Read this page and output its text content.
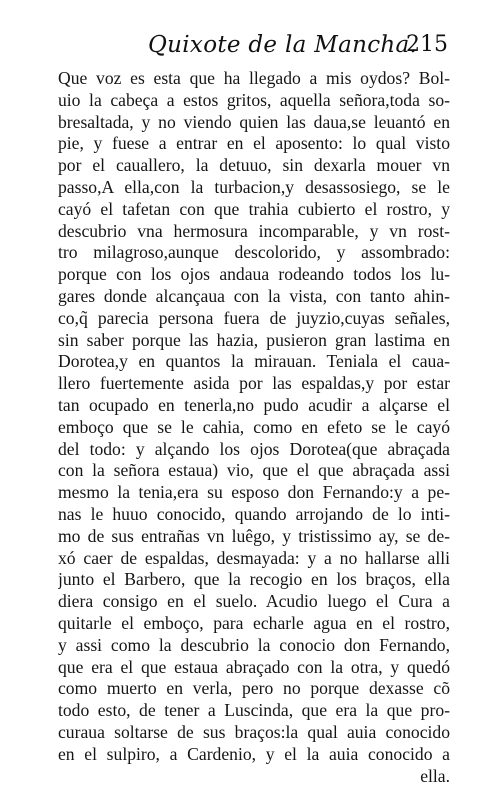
Quixote de la Mancha.
215
Que voz es esta que ha llegado a mis oydos? Bol-
uio la cabeça a estos gritos, aquella señora,toda so-
bresaltada, y no viendo quien las daua,se leuantó en
pie, y fuese a entrar en el aposento: lo qual visto
por el cauallero, la detuuo, sin dexarla mouer vn
passo,A ella,con la turbacion,y desassosiego, se le
cayó el tafetan con que trahia cubierto el rostro, y
descubrio vna hermosura incomparable, y vn rost-
tro milagroso,aunque descolorido, y assombrado:
porque con los ojos andaua rodeando todos los lu-
gares donde alcançaua con la vista, con tanto ahin-
co,q̃ parecia persona fuera de juyzio,cuyas señales,
sin saber porque las hazia, pusieron gran lastima en
Dorotea,y en quantos la mirauan. Teniala el caua-
llero fuertemente asida por las espaldas,y por estar
tan ocupado en tenerla,no pudo acudir a alçarse el
emboço que se le cahia, como en efeto se le cayó
del todo: y alçando los ojos Dorotea(que abraçada
con la señora estaua) vio, que el que abraçada assi
mesmo la tenia,era su esposo don Fernando:y a pe-
nas le huuo conocido, quando arrojando de lo inti-
mo de sus entrañas vn luêgo, y tristissimo ay, se de-
xó caer de espaldas, desmayada: y a no hallarse alli
junto el Barbero, que la recogio en los braços, ella
diera consigo en el suelo. Acudio luego el Cura a
quitarle el emboço, para echarle agua en el rostro,
y assi como la descubrio la conocio don Fernando,
que era el que estaua abraçado con la otra, y quedó
como muerto en verla, pero no porque dexasse cõ
todo esto, de tener a Luscinda, que era la que pro-
curaua soltarse de sus braços:la qual auia conocido
en el sulpiro, a Cardenio, y el la auia conocido a
ella.
